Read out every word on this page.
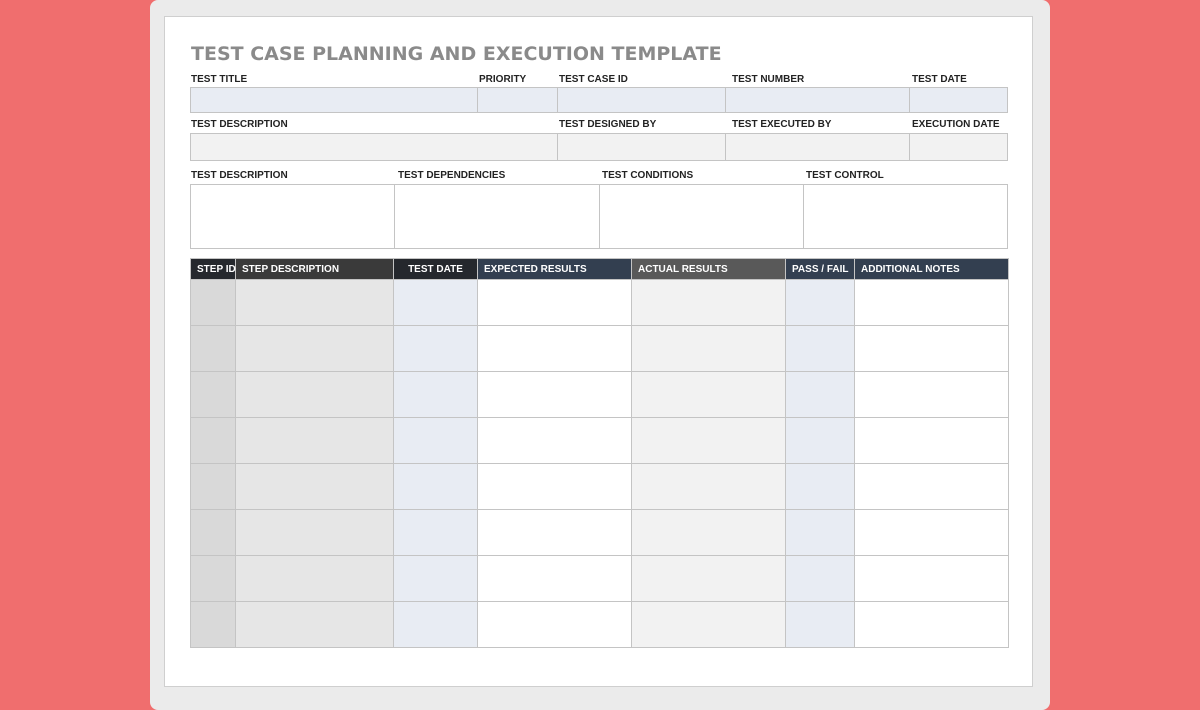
TEST CASE PLANNING AND EXECUTION TEMPLATE
TEST TITLE	PRIORITY	TEST CASE ID	TEST NUMBER	TEST DATE
TEST DESCRIPTION	TEST DESIGNED BY	TEST EXECUTED BY	EXECUTION DATE
TEST DESCRIPTION	TEST DEPENDENCIES	TEST CONDITIONS	TEST CONTROL
STEP ID	STEP DESCRIPTION	TEST DATE	EXPECTED RESULTS	ACTUAL RESULTS	PASS / FAIL	ADDITIONAL NOTES
